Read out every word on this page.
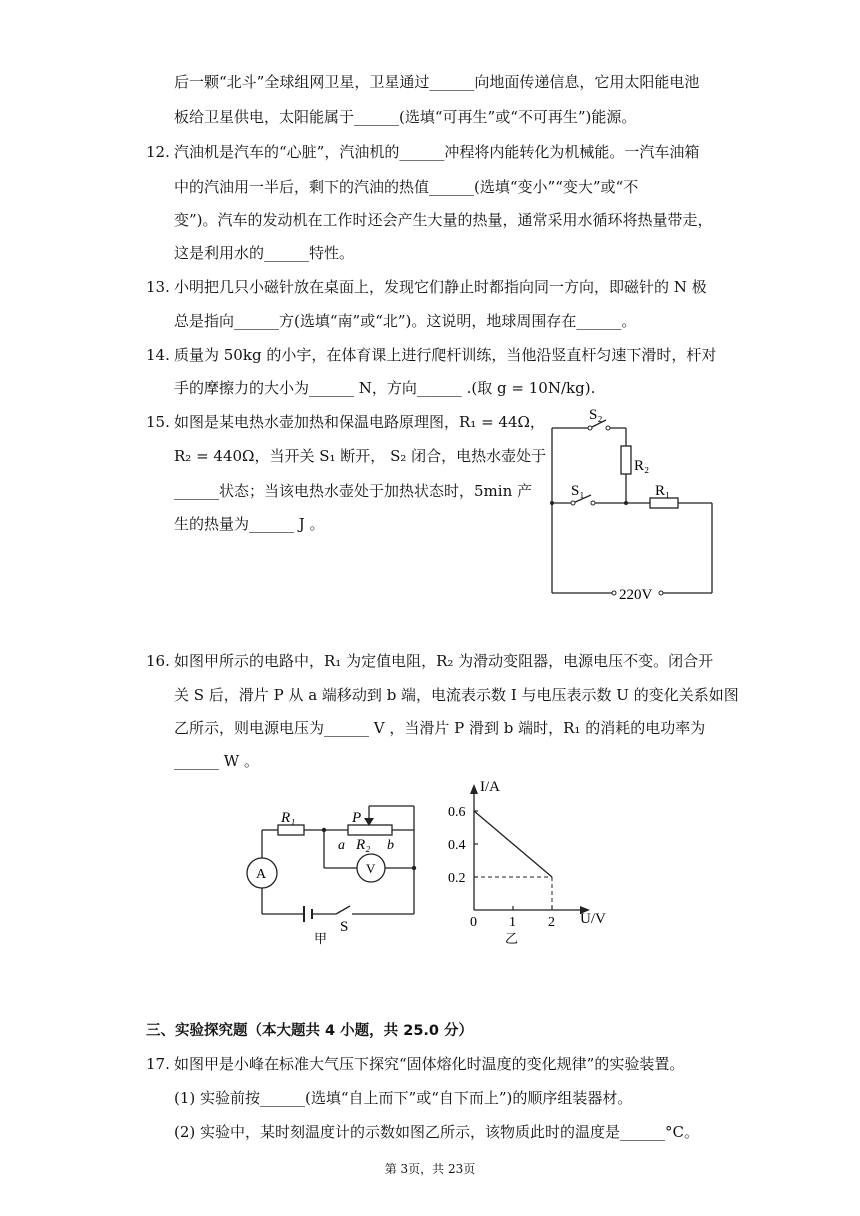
后一颗“北斗”全球组网卫星，卫星通过______向地面传递信息，它用太阳能电池
板给卫星供电，太阳能属于______(选填“可再生”或“不可再生”)能源。
12. 汽油机是汽车的“心脏”，汽油机的______冲程将内能转化为机械能。一汽车油箱
中的汽油用一半后，剩下的汽油的热值______(选填“变小”“变大”或“不
变”)。汽车的发动机在工作时还会产生大量的热量，通常采用水循环将热量带走，
这是利用水的______特性。
13. 小明把几只小磁针放在桌面上，发现它们静止时都指向同一方向，即磁针的 N 极
总是指向______方(选填“南”或“北”)。这说明，地球周围存在______。
14. 质量为 50kg 的小宇，在体育课上进行爬杆训练，当他沿竖直杆匀速下滑时，杆对
手的摩擦力的大小为______ N，方向______ .(取 g = 10N/kg).
15. 如图是某电热水壶加热和保温电路原理图，R₁ = 44Ω，
R₂ = 440Ω，当开关 S₁ 断开， S₂ 闭合，电热水壶处于
______状态；当该电热水壶处于加热状态时，5min 产
生的热量为______ J 。
S₂
R₂
S₁	R₁
220V
16. 如图甲所示的电路中，R₁ 为定值电阻，R₂ 为滑动变阻器，电源电压不变。闭合开
关 S 后，滑片 P 从 a 端移动到 b 端，电流表示数 I 与电压表示数 U 的变化关系如图
乙所示，则电源电压为______ V ，当滑片 P 滑到 b 端时，R₁ 的消耗的电功率为
______ W 。
R₁	P
a R₂ b
A	V
S
甲
I/A
U/V
乙
0.2
0.4
0.6
0 1 2
三、实验探究题（本大题共 4 小题，共 25.0 分）
17. 如图甲是小峰在标准大气压下探究“固体熔化时温度的变化规律”的实验装置。
(1) 实验前按______(选填“自上而下”或“自下而上”)的顺序组装器材。
(2) 实验中，某时刻温度计的示数如图乙所示，该物质此时的温度是______°C。
第 3页，共 23页
